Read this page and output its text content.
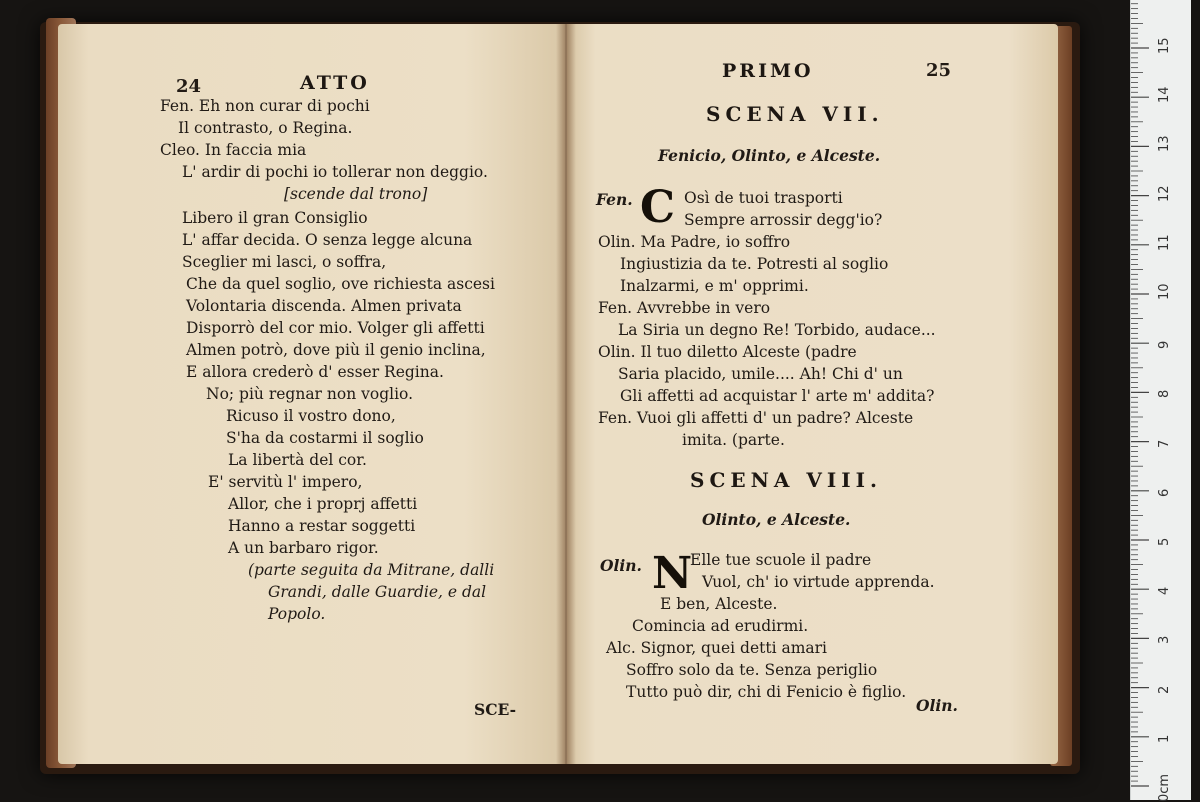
24	ATTO
Fen. Eh non curar di pochi
Il contrasto, o Regina.
Cleo. In faccia mia
L' ardir di pochi io tollerar non deggio.
[scende dal trono]
Libero il gran Consiglio
L' affar decida. O senza legge alcuna
Sceglier mi lasci, o soffra,
Che da quel soglio, ove richiesta ascesi
Volontaria discenda. Almen privata
Disporrò del cor mio. Volger gli affetti
Almen potrò, dove più il genio inclina,
E allora crederò d' esser Regina.
No; più regnar non voglio.
Ricuso il vostro dono,
S'ha da costarmi il soglio
La libertà del cor.
E' servitù l' impero,
Allor, che i proprj affetti
Hanno a restar soggetti
A un barbaro rigor.
(parte seguita da Mitrane, dalli
Grandi, dalle Guardie, e dal
Popolo.
SCE-
PRIMO	25
SCENA VII.
Fenicio, Olinto, e Alceste.
Fen. C Osì de tuoi trasporti
Sempre arrossir degg'io?
Olin. Ma Padre, io soffro
Ingiustizia da te. Potresti al soglio
Inalzarmi, e m' opprimi.
Fen. Avvrebbe in vero
La Siria un degno Re! Torbido, audace...
Olin. Il tuo diletto Alceste (padre
Saria placido, umile.... Ah! Chi d' un
Gli affetti ad acquistar l' arte m' addita?
Fen. Vuoi gli affetti d' un padre? Alceste
imita. (parte.
SCENA VIII.
Olinto, e Alceste.
Olin. N
Elle tue scuole il padre
Vuol, ch' io virtude apprenda.
E ben, Alceste.
Comincia ad erudirmi.
Alc. Signor, quei detti amari
Soffro solo da te. Senza periglio
Tutto può dir, chi di Fenicio è figlio.
Olin.
0cm
1
2
3
4
5
6
7
8
9
10
11
12
13
14
15
